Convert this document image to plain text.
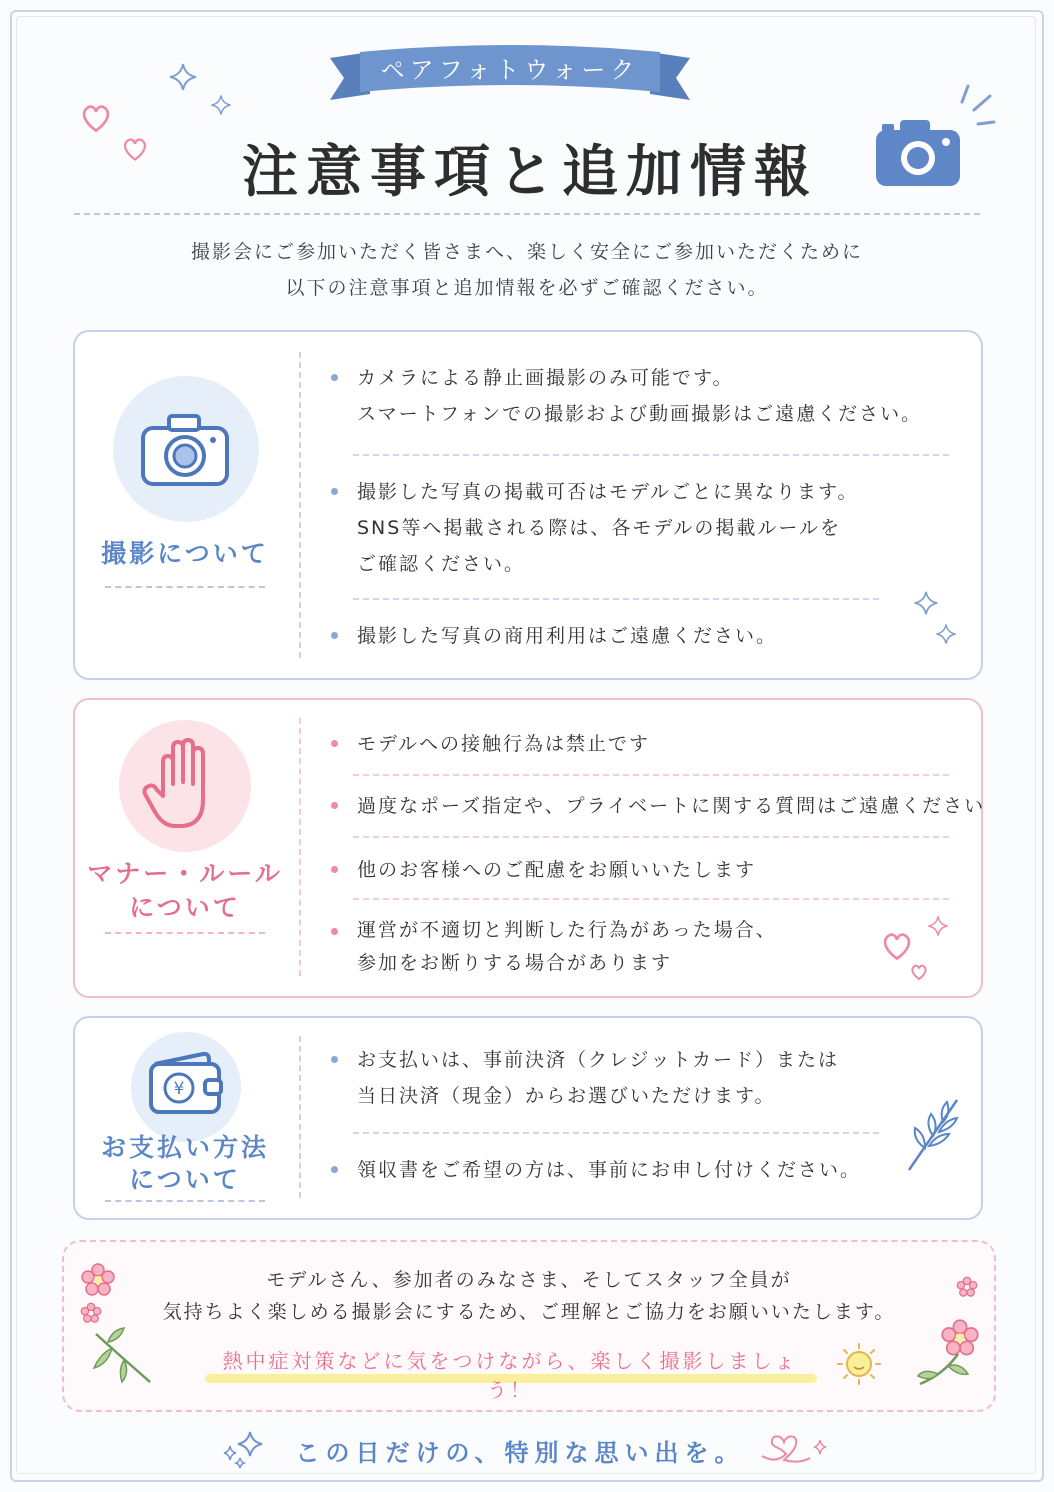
ペアフォトウォーク
注意事項と追加情報
撮影会にご参加いただく皆さまへ、楽しく安全にご参加いただくために
以下の注意事項と追加情報を必ずご確認ください。
撮影について
カメラによる静止画撮影のみ可能です。
スマートフォンでの撮影および動画撮影はご遠慮ください。
撮影した写真の掲載可否はモデルごとに異なります。
SNS等へ掲載される際は、各モデルの掲載ルールを
ご確認ください。
撮影した写真の商用利用はご遠慮ください。
マナー・ルール
について
モデルへの接触行為は禁止です
過度なポーズ指定や、プライベートに関する質問はご遠慮ください
他のお客様へのご配慮をお願いいたします
運営が不適切と判断した行為があった場合、
参加をお断りする場合があります
¥
お支払い方法
について
お支払いは、事前決済（クレジットカード）または
当日決済（現金）からお選びいただけます。
領収書をご希望の方は、事前にお申し付けください。
モデルさん、参加者のみなさま、そしてスタッフ全員が
気持ちよく楽しめる撮影会にするため、ご理解とご協力をお願いいたします。
熱中症対策などに気をつけながら、楽しく撮影しましょう！
この日だけの、特別な思い出を。
